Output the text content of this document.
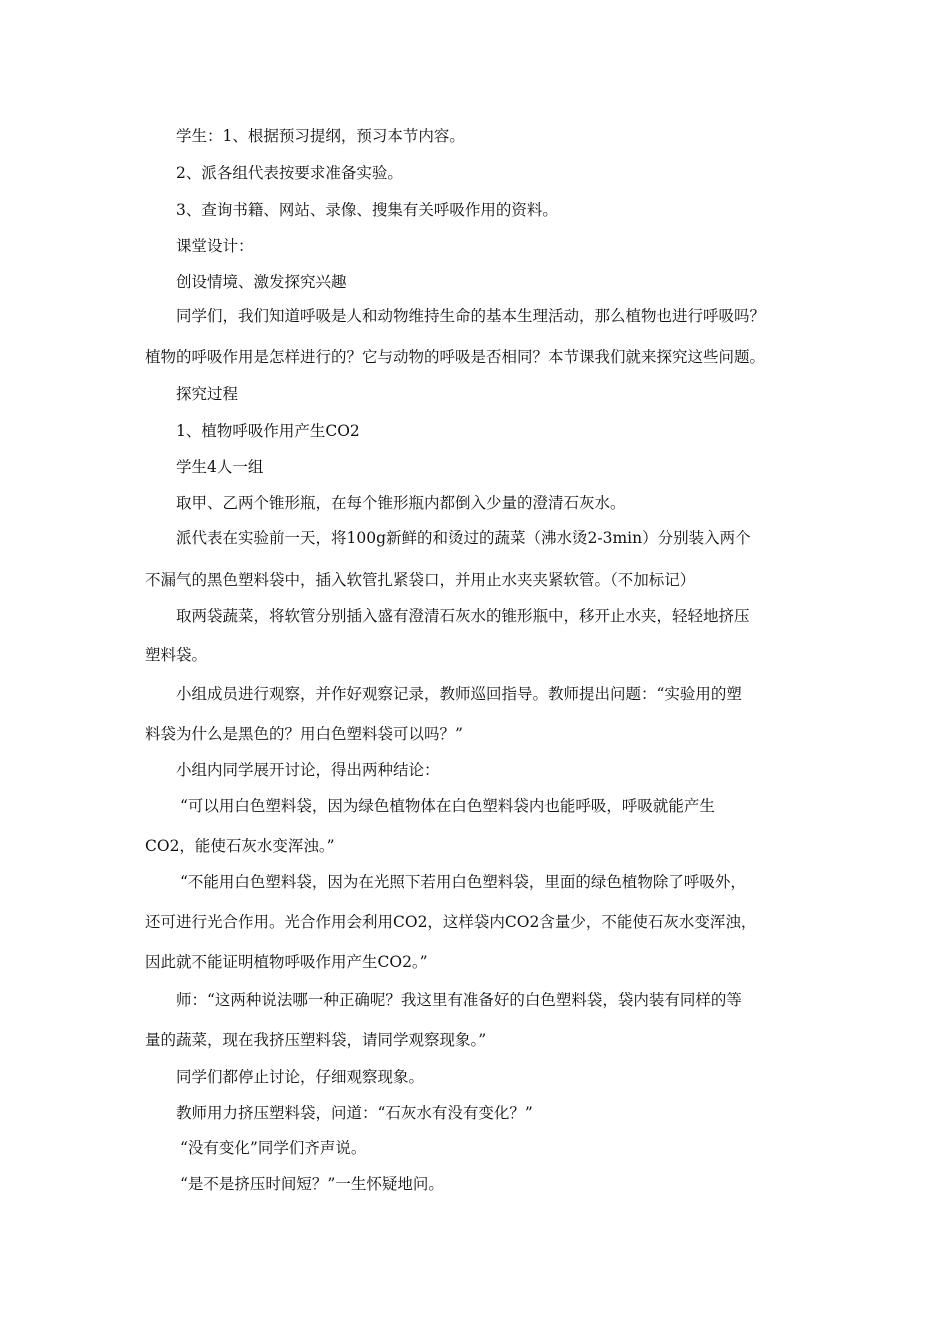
学生：1、根据预习提纲，预习本节内容。
2、派各组代表按要求准备实验。
3、查询书籍、网站、录像、搜集有关呼吸作用的资料。
课堂设计：
创设情境、激发探究兴趣
同学们，我们知道呼吸是人和动物维持生命的基本生理活动，那么植物也进行呼吸吗？
植物的呼吸作用是怎样进行的？它与动物的呼吸是否相同？本节课我们就来探究这些问题。
探究过程
1、植物呼吸作用产生CO2
学生4人一组
取甲、乙两个锥形瓶，在每个锥形瓶内都倒入少量的澄清石灰水。
派代表在实验前一天，将100g新鲜的和烫过的蔬菜（沸水烫2-3min）分别装入两个
不漏气的黑色塑料袋中，插入软管扎紧袋口，并用止水夹夹紧软管。（不加标记）
取两袋蔬菜，将软管分别插入盛有澄清石灰水的锥形瓶中，移开止水夹，轻轻地挤压
塑料袋。
小组成员进行观察，并作好观察记录，教师巡回指导。教师提出问题：“实验用的塑
料袋为什么是黑色的？用白色塑料袋可以吗？”
小组内同学展开讨论，得出两种结论：
“可以用白色塑料袋，因为绿色植物体在白色塑料袋内也能呼吸，呼吸就能产生
CO2，能使石灰水变浑浊。”
“不能用白色塑料袋，因为在光照下若用白色塑料袋，里面的绿色植物除了呼吸外，
还可进行光合作用。光合作用会利用CO2，这样袋内CO2含量少，不能使石灰水变浑浊，
因此就不能证明植物呼吸作用产生CO2。”
师：“这两种说法哪一种正确呢？我这里有准备好的白色塑料袋，袋内装有同样的等
量的蔬菜，现在我挤压塑料袋，请同学观察现象。”
同学们都停止讨论，仔细观察现象。
教师用力挤压塑料袋，问道：“石灰水有没有变化？”
“没有变化”同学们齐声说。
“是不是挤压时间短？”一生怀疑地问。
